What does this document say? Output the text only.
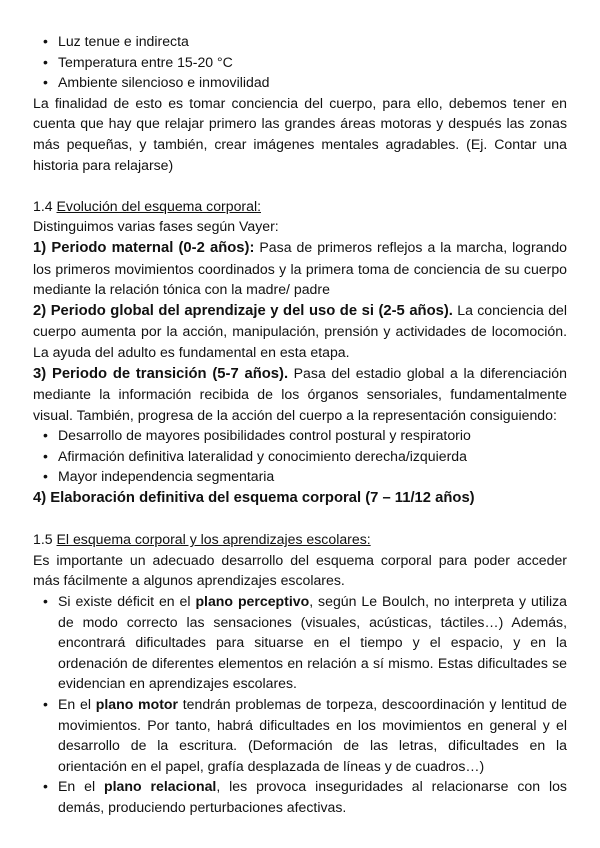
• Luz tenue e indirecta
• Temperatura entre 15-20 °C
• Ambiente silencioso e inmovilidad

La finalidad de esto es tomar conciencia del cuerpo, para ello, debemos tener en cuenta que hay que relajar primero las grandes áreas motoras y después las zonas más pequeñas, y también, crear imágenes mentales agradables. (Ej. Contar una historia para relajarse)

1.4 Evolución del esquema corporal:

Distinguimos varias fases según Vayer:

1) Periodo maternal (0-2 años): Pasa de primeros reflejos a la marcha, logrando los primeros movimientos coordinados y la primera toma de conciencia de su cuerpo mediante la relación tónica con la madre/ padre

2) Periodo global del aprendizaje y del uso de si (2-5 años). La conciencia del cuerpo aumenta por la acción, manipulación, prensión y actividades de locomoción. La ayuda del adulto es fundamental en esta etapa.

3) Periodo de transición (5-7 años). Pasa del estadio global a la diferenciación mediante la información recibida de los órganos sensoriales, fundamentalmente visual. También, progresa de la acción del cuerpo a la representación consiguiendo:

• Desarrollo de mayores posibilidades control postural y respiratorio
• Afirmación definitiva lateralidad y conocimiento derecha/izquierda
• Mayor independencia segmentaria

4) Elaboración definitiva del esquema corporal (7 – 11/12 años)

1.5 El esquema corporal y los aprendizajes escolares:

Es importante un adecuado desarrollo del esquema corporal para poder acceder más fácilmente a algunos aprendizajes escolares.

• Si existe déficit en el plano perceptivo, según Le Boulch, no interpreta y utiliza de modo correcto las sensaciones (visuales, acústicas, táctiles…) Además, encontrará dificultades para situarse en el tiempo y el espacio, y en la ordenación de diferentes elementos en relación a sí mismo. Estas dificultades se evidencian en aprendizajes escolares.
• En el plano motor tendrán problemas de torpeza, descoordinación y lentitud de movimientos. Por tanto, habrá dificultades en los movimientos en general y el desarrollo de la escritura. (Deformación de las letras, dificultades en la orientación en el papel, grafía desplazada de líneas y de cuadros…)
• En el plano relacional, les provoca inseguridades al relacionarse con los demás, produciendo perturbaciones afectivas.
